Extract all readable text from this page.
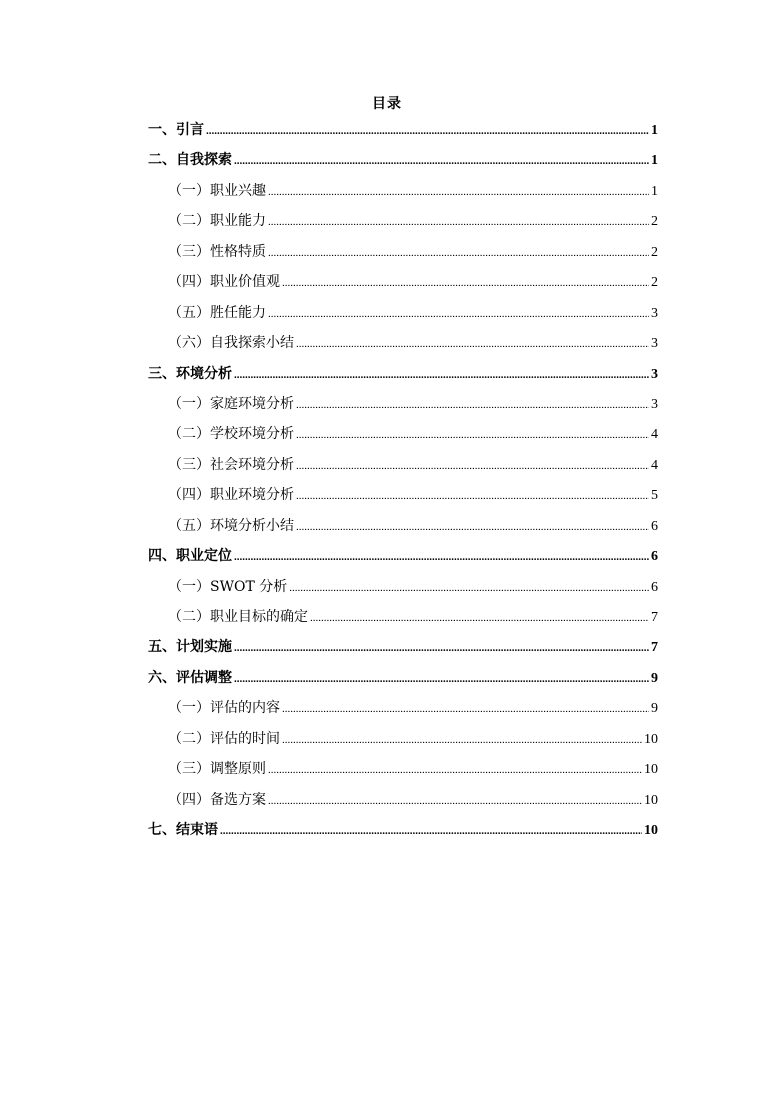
目录
一、引言 .....	1
二、自我探索 .....	1
（一）职业兴趣 .....	1
（二）职业能力 .....	2
（三）性格特质 .....	2
（四）职业价值观 .....	2
（五）胜任能力 .....	3
（六）自我探索小结 .....	3
三、环境分析 .....	3
（一）家庭环境分析 .....	3
（二）学校环境分析 .....	4
（三）社会环境分析 .....	4
（四）职业环境分析 .....	5
（五）环境分析小结 .....	6
四、职业定位 .....	6
（一）SWOT 分析 .....	6
（二）职业目标的确定 .....	7
五、计划实施 .....	7
六、评估调整 .....	9
（一）评估的内容 .....	9
（二）评估的时间 .....	10
（三）调整原则 .....	10
（四）备选方案 .....	10
七、结束语 .....	10
